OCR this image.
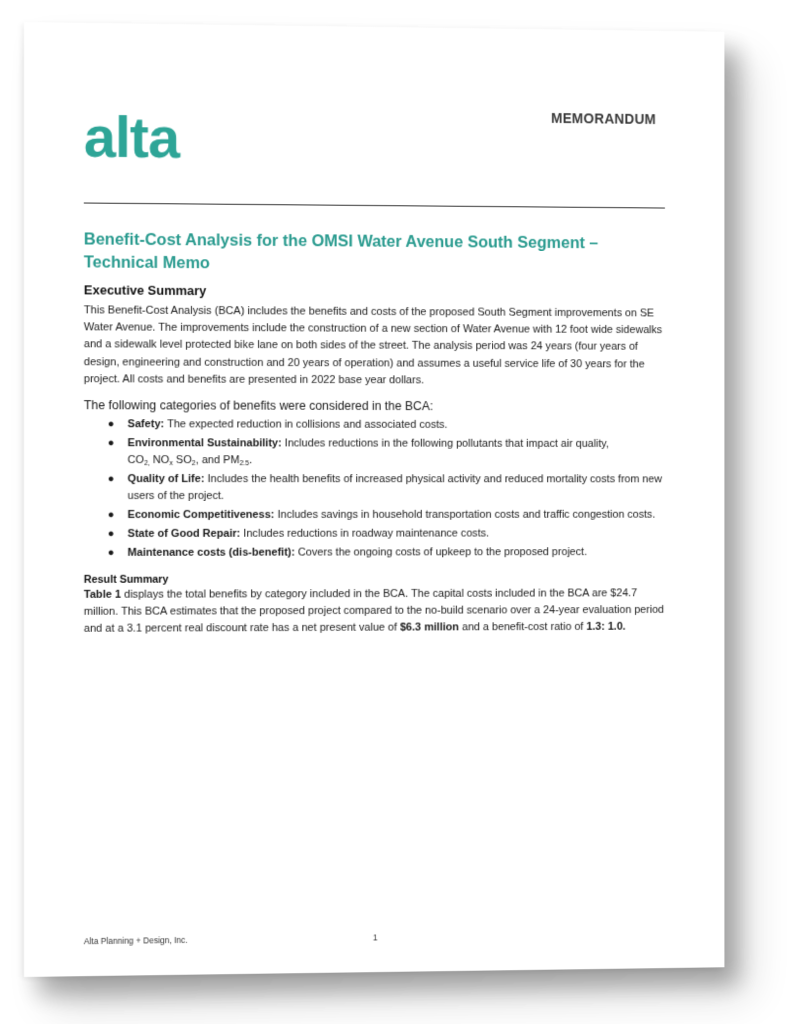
MEMORANDUM
alta
Benefit-Cost Analysis for the OMSI Water Avenue South Segment – Technical Memo
Executive Summary
This Benefit-Cost Analysis (BCA) includes the benefits and costs of the proposed South Segment improvements on SE Water Avenue. The improvements include the construction of a new section of Water Avenue with 12 foot wide sidewalks and a sidewalk level protected bike lane on both sides of the street. The analysis period was 24 years (four years of design, engineering and construction and 20 years of operation) and assumes a useful service life of 30 years for the project. All costs and benefits are presented in 2022 base year dollars.
The following categories of benefits were considered in the BCA:
● Safety: The expected reduction in collisions and associated costs.
● Environmental Sustainability: Includes reductions in the following pollutants that impact air quality,
$CO_{2,}$ $NO_x$ $SO_2$, and $PM_{2.5}$.
● Quality of Life: Includes the health benefits of increased physical activity and reduced mortality costs from new users of the project.
● Economic Competitiveness: Includes savings in household transportation costs and traffic congestion costs.
● State of Good Repair: Includes reductions in roadway maintenance costs.
● Maintenance costs (dis-benefit): Covers the ongoing costs of upkeep to the proposed project.
Result Summary
Table 1 displays the total benefits by category included in the BCA. The capital costs included in the BCA are $24.7 million. This BCA estimates that the proposed project compared to the no-build scenario over a 24-year evaluation period and at a 3.1 percent real discount rate has a net present value of $6.3 million and a benefit-cost ratio of 1.3: 1.0.
Alta Planning + Design, Inc.	1
